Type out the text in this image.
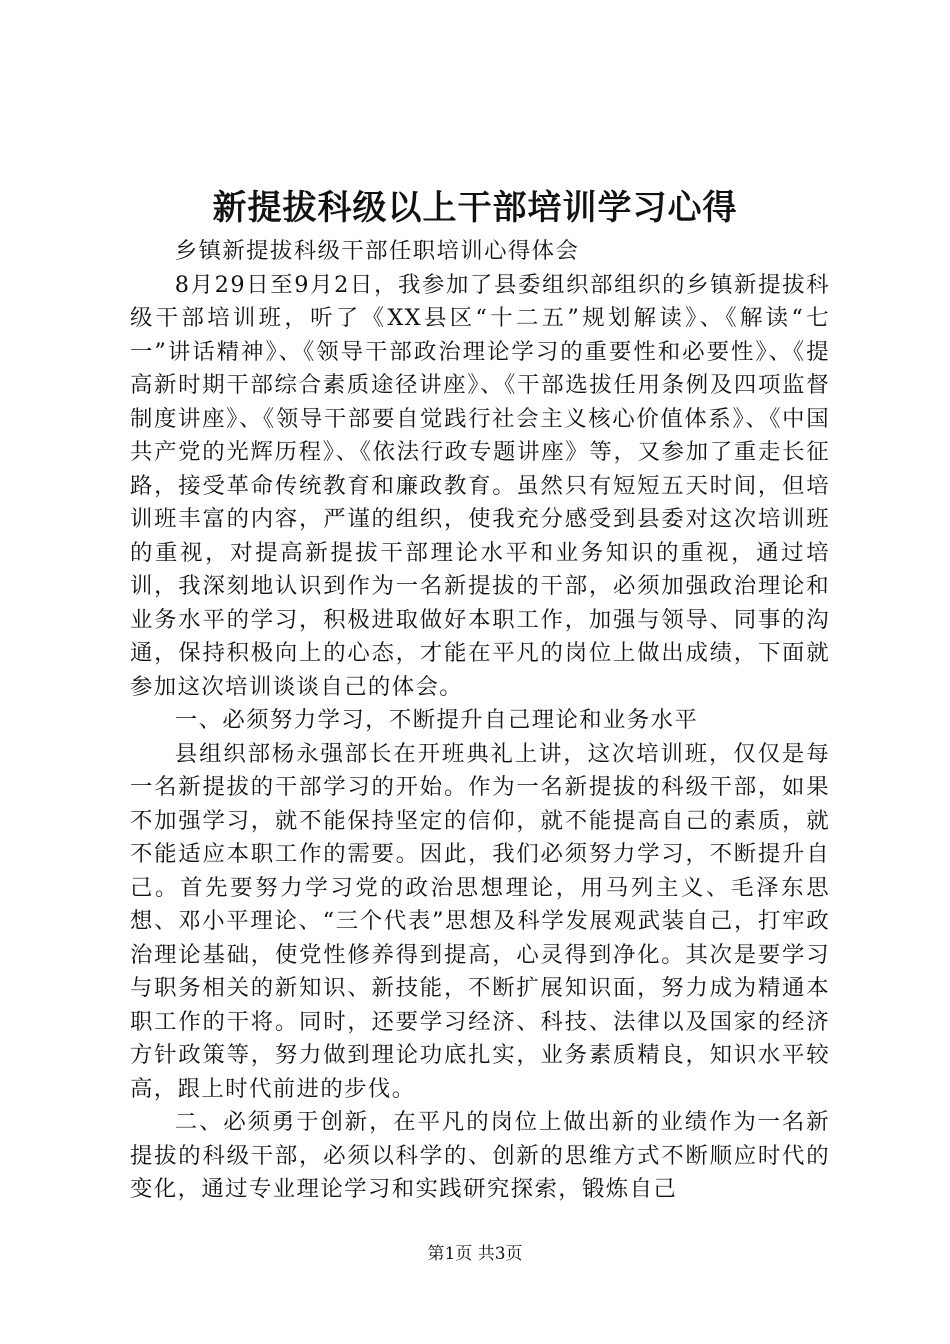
新提拔科级以上干部培训学习心得

乡镇新提拔科级干部任职培训心得体会

8月29日至9月2日，我参加了县委组织部组织的乡镇新提拔科级干部培训班，听了《XX县区“十二五”规划解读》、《解读“七一”讲话精神》、《领导干部政治理论学习的重要性和必要性》、《提高新时期干部综合素质途径讲座》、《干部选拔任用条例及四项监督制度讲座》、《领导干部要自觉践行社会主义核心价值体系》、《中国共产党的光辉历程》、《依法行政专题讲座》等，又参加了重走长征路，接受革命传统教育和廉政教育。虽然只有短短五天时间，但培训班丰富的内容，严谨的组织，使我充分感受到县委对这次培训班的重视，对提高新提拔干部理论水平和业务知识的重视，通过培训，我深刻地认识到作为一名新提拔的干部，必须加强政治理论和业务水平的学习，积极进取做好本职工作，加强与领导、同事的沟通，保持积极向上的心态，才能在平凡的岗位上做出成绩，下面就参加这次培训谈谈自己的体会。

一、必须努力学习，不断提升自己理论和业务水平

县组织部杨永强部长在开班典礼上讲，这次培训班，仅仅是每一名新提拔的干部学习的开始。作为一名新提拔的科级干部，如果不加强学习，就不能保持坚定的信仰，就不能提高自己的素质，就不能适应本职工作的需要。因此，我们必须努力学习，不断提升自己。首先要努力学习党的政治思想理论，用马列主义、毛泽东思想、邓小平理论、“三个代表”思想及科学发展观武装自己，打牢政治理论基础，使党性修养得到提高，心灵得到净化。其次是要学习与职务相关的新知识、新技能，不断扩展知识面，努力成为精通本职工作的干将。同时，还要学习经济、科技、法律以及国家的经济方针政策等，努力做到理论功底扎实，业务素质精良，知识水平较高，跟上时代前进的步伐。

二、必须勇于创新，在平凡的岗位上做出新的业绩作为一名新提拔的科级干部，必须以科学的、创新的思维方式不断顺应时代的变化，通过专业理论学习和实践研究探索，锻炼自己

第1页 共3页
